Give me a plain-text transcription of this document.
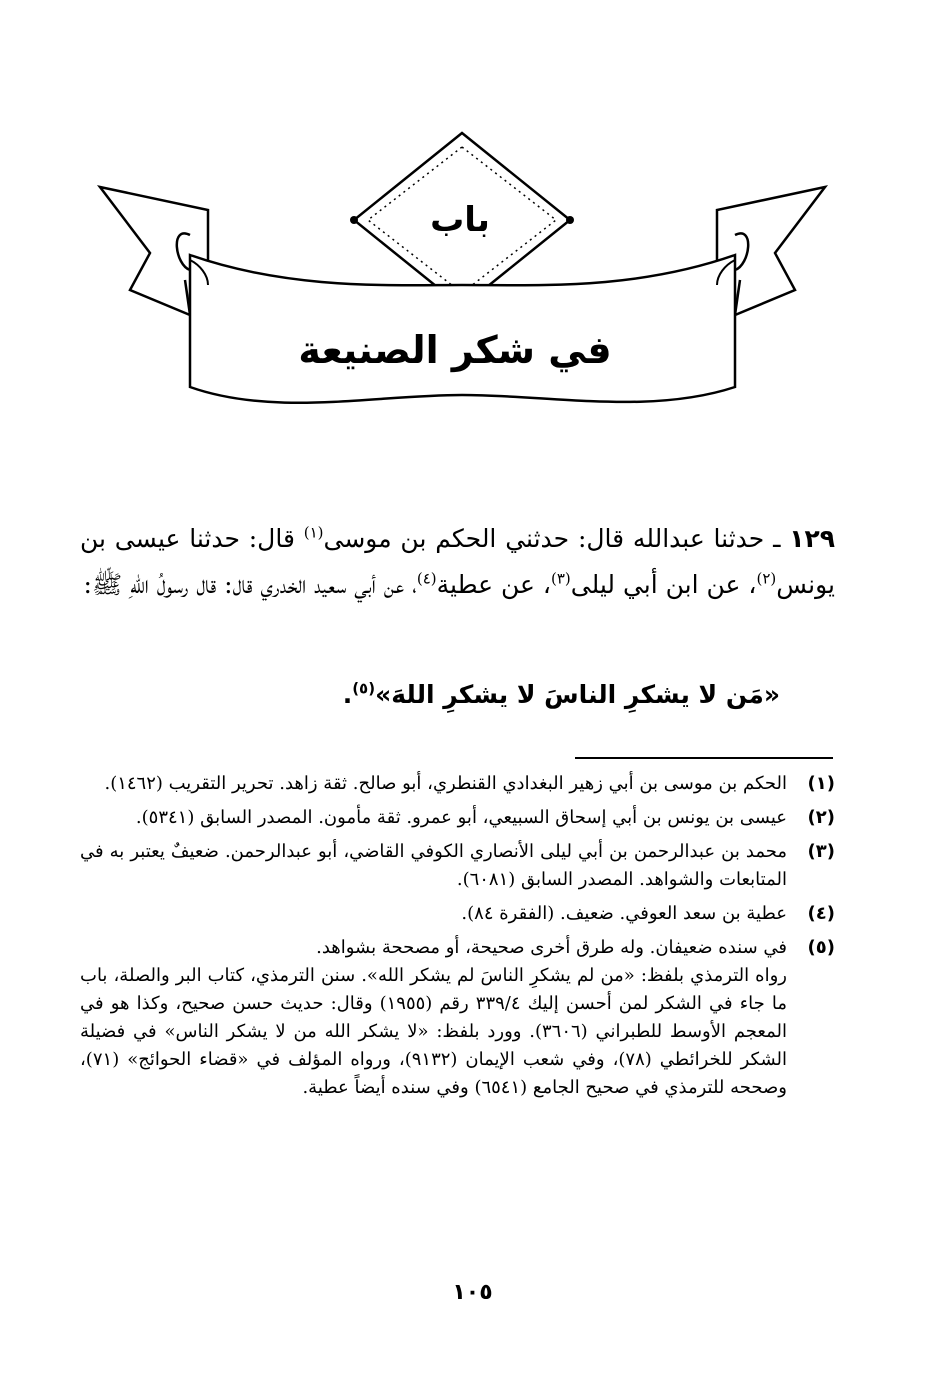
باب
في شكر الصنيعة
١٢٩ ـ حدثنا عبدالله قال: حدثني الحكم بن موسى$^{(١)}$ قال: حدثنا عيسى بن يونس$^{(٢)}$، عن ابن أبي ليلى$^{(٣)}$، عن عطية$^{(٤)}$، عن أبي سعيد الخدري قال: قال رسولُ اللهِ ﷺ:
«مَن لا يشكرِ الناسَ لا يشكرِ اللهَ»$^{(٥)}$.
(١)
الحكم بن موسى بن أبي زهير البغدادي القنطري، أبو صالح. ثقة زاهد. تحرير التقريب (١٤٦٢).
(٢)
عيسى بن يونس بن أبي إسحاق السبيعي، أبو عمرو. ثقة مأمون. المصدر السابق (٥٣٤١).
(٣)
محمد بن عبدالرحمن بن أبي ليلى الأنصاري الكوفي القاضي، أبو عبدالرحمن. ضعيفٌ يعتبر به في المتابعات والشواهد. المصدر السابق (٦٠٨١).
(٤)
عطية بن سعد العوفي. ضعيف. (الفقرة ٨٤).
(٥)
في سنده ضعيفان. وله طرق أخرى صحيحة، أو مصححة بشواهد.
رواه الترمذي بلفظ: «من لم يشكرِ الناسَ لم يشكر الله». سنن الترمذي، كتاب البر والصلة، باب ما جاء في الشكر لمن أحسن إليك ٣٣٩/٤ رقم (١٩٥٥) وقال: حديث حسن صحيح، وكذا هو في المعجم الأوسط للطبراني (٣٦٠٦). وورد بلفظ: «لا يشكر الله من لا يشكر الناس» في فضيلة الشكر للخرائطي (٧٨)، وفي شعب الإيمان (٩١٣٢)، ورواه المؤلف في «قضاء الحوائج» (٧١)، وصححه للترمذي في صحيح الجامع (٦٥٤١) وفي سنده أيضاً عطية.
١٠٥
